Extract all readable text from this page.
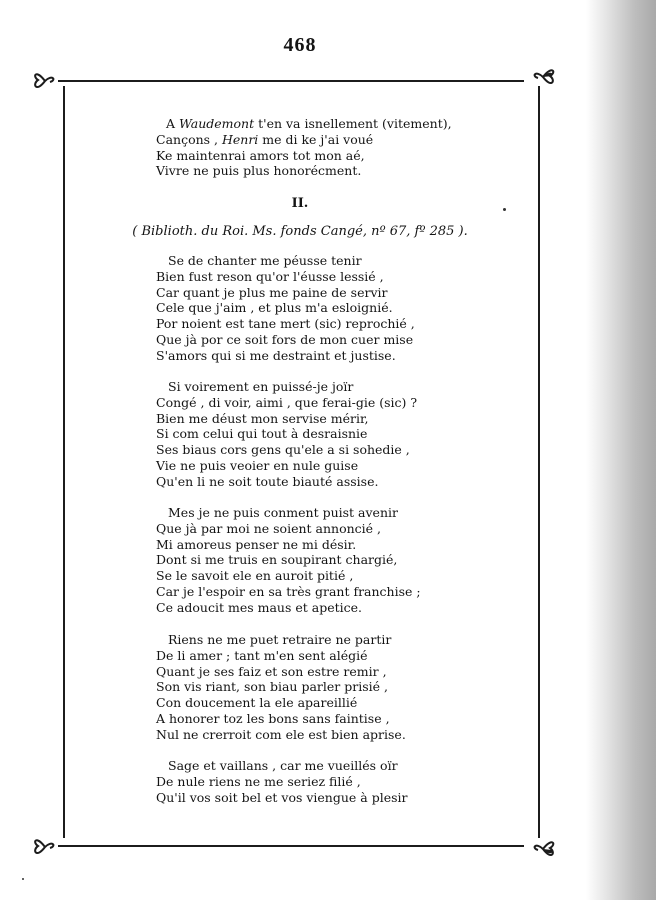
468
A Waudemont t'en va isnellement (vitement),
Cançons , Henri me di ke j'ai voué
Ke maintenrai amors tot mon aé,
Vivre ne puis plus honorécment.
II.
( Biblioth. du Roi. Ms. fonds Cangé, nº 67, fº 285 ).
Se de chanter me péusse tenir
Bien fust reson qu'or l'éusse lessié ,
Car quant je plus me paine de servir
Cele que j'aim , et plus m'a esloignié.
Por noient est tane mert (sic) reprochié ,
Que jà por ce soit fors de mon cuer mise
S'amors qui si me destraint et justise.
Si voirement en puissé-je joïr
Congé , di voir, aimi , que ferai-gie (sic) ?
Bien me déust mon servise mérir,
Si com celui qui tout à desraisnie
Ses biaus cors gens qu'ele a si sohedie ,
Vie ne puis veoier en nule guise
Qu'en li ne soit toute biauté assise.
Mes je ne puis conment puist avenir
Que jà par moi ne soient annoncié ,
Mi amoreus penser ne mi désir.
Dont si me truis en soupirant chargié,
Se le savoit ele en auroit pitié ,
Car je l'espoir en sa très grant franchise ;
Ce adoucit mes maus et apetice.
Riens ne me puet retraire ne partir
De li amer ; tant m'en sent alégié
Quant je ses faiz et son estre remir ,
Son vis riant, son biau parler prisié ,
Con doucement la ele apareillié
A honorer toz les bons sans faintise ,
Nul ne crerroit com ele est bien aprise.
Sage et vaillans , car me vueillés oïr
De nule riens ne me seriez filié ,
Qu'il vos soit bel et vos viengue à plesir
